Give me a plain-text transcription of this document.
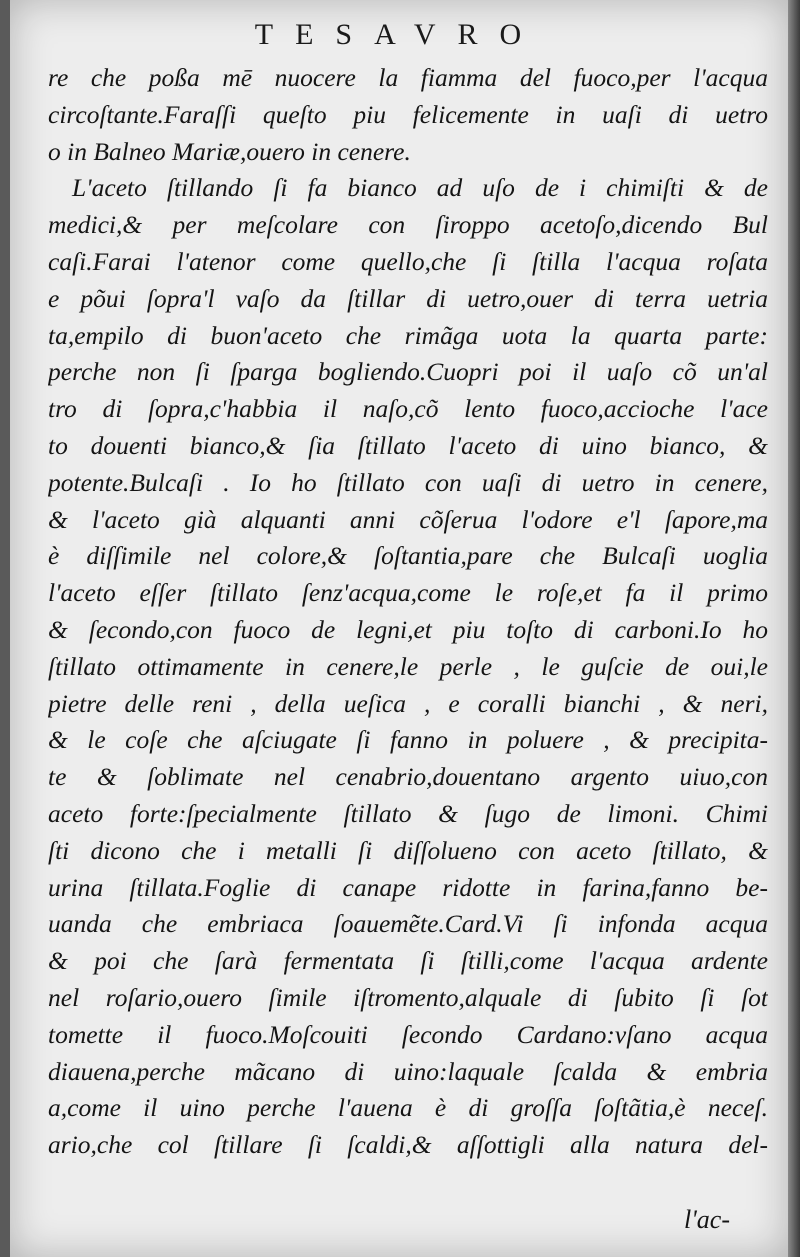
TESAVRO
re che poßa mē nuocere la fiamma del fuoco,per l'acqua
circoſtante.Faraſſi queſto piu felicemente in uaſi di uetro
o in Balneo Mariæ,ouero in cenere.
L'aceto ſtillando ſi fa bianco ad uſo de i chimiſti & de
medici,& per meſcolare con ſiroppo acetoſo,dicendo Bul
caſi.Farai l'atenor come quello,che ſi ſtilla l'acqua roſata
e põui ſopra'l vaſo da ſtillar di uetro,ouer di terra uetria
ta,empilo di buon'aceto che rimãga uota la quarta parte:
perche non ſi ſparga bogliendo.Cuopri poi il uaſo cõ un'al
tro di ſopra,c'habbia il naſo,cõ lento fuoco,accioche l'ace
to douenti bianco,& ſia ſtillato l'aceto di uino bianco, &
potente.Bulcaſi . Io ho ſtillato con uaſi di uetro in cenere,
& l'aceto già alquanti anni cõſerua l'odore e'l ſapore,ma
è diſſimile nel colore,& ſoſtantia,pare che Bulcaſi uoglia
l'aceto eſſer ſtillato ſenz'acqua,come le roſe,et fa il primo
& ſecondo,con fuoco de legni,et piu toſto di carboni.Io ho
ſtillato ottimamente in cenere,le perle , le guſcie de oui,le
pietre delle reni , della ueſica , e coralli bianchi , & neri,
& le coſe che aſciugate ſi fanno in poluere , & precipita-
te & ſoblimate nel cenabrio,douentano argento uiuo,con
aceto forte:ſpecialmente ſtillato & ſugo de limoni. Chimi
ſti dicono che i metalli ſi diſſolueno con aceto ſtillato, &
urina ſtillata.Foglie di canape ridotte in farina,fanno be-
uanda che embriaca ſoauemẽte.Card.Vi ſi infonda acqua
& poi che ſarà fermentata ſi ſtilli,come l'acqua ardente
nel roſario,ouero ſimile iſtromento,alquale di ſubito ſi ſot
tomette il fuoco.Moſcouiti ſecondo Cardano:vſano acqua
diauena,perche mãcano di uino:laquale ſcalda & embria
a,come il uino perche l'auena è di groſſa ſoſtãtia,è neceſ.
ario,che col ſtillare ſi ſcaldi,& aſſottigli alla natura del-
l'ac-
